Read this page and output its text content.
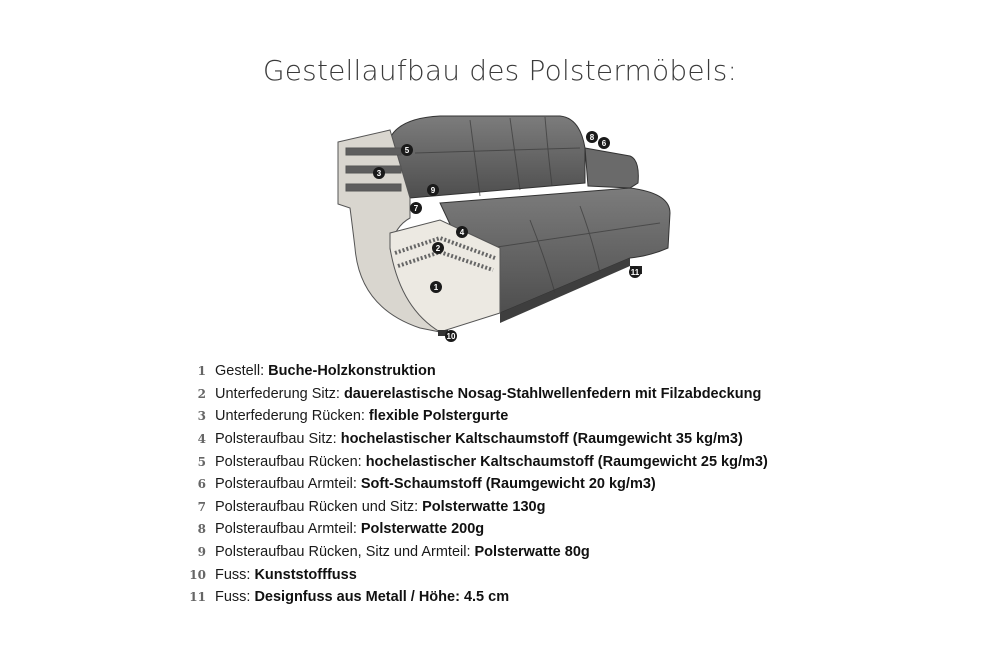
Gestellaufbau des Polstermöbels:
1
2
3
4
5
6
7
8
9
10
11
1 Gestell: Buche-Holzkonstruktion
2 Unterfederung Sitz: dauerelastische Nosag-Stahlwellenfedern mit Filzabdeckung
3 Unterfederung Rücken: flexible Polstergurte
4 Polsteraufbau Sitz: hochelastischer Kaltschaumstoff (Raumgewicht 35 kg/m3)
5 Polsteraufbau Rücken: hochelastischer Kaltschaumstoff (Raumgewicht 25 kg/m3)
6 Polsteraufbau Armteil: Soft-Schaumstoff (Raumgewicht 20 kg/m3)
7 Polsteraufbau Rücken und Sitz: Polsterwatte 130g
8 Polsteraufbau Armteil: Polsterwatte 200g
9 Polsteraufbau Rücken, Sitz und Armteil: Polsterwatte 80g
10 Fuss: Kunststofffuss
11 Fuss: Designfuss aus Metall / Höhe: 4.5 cm
